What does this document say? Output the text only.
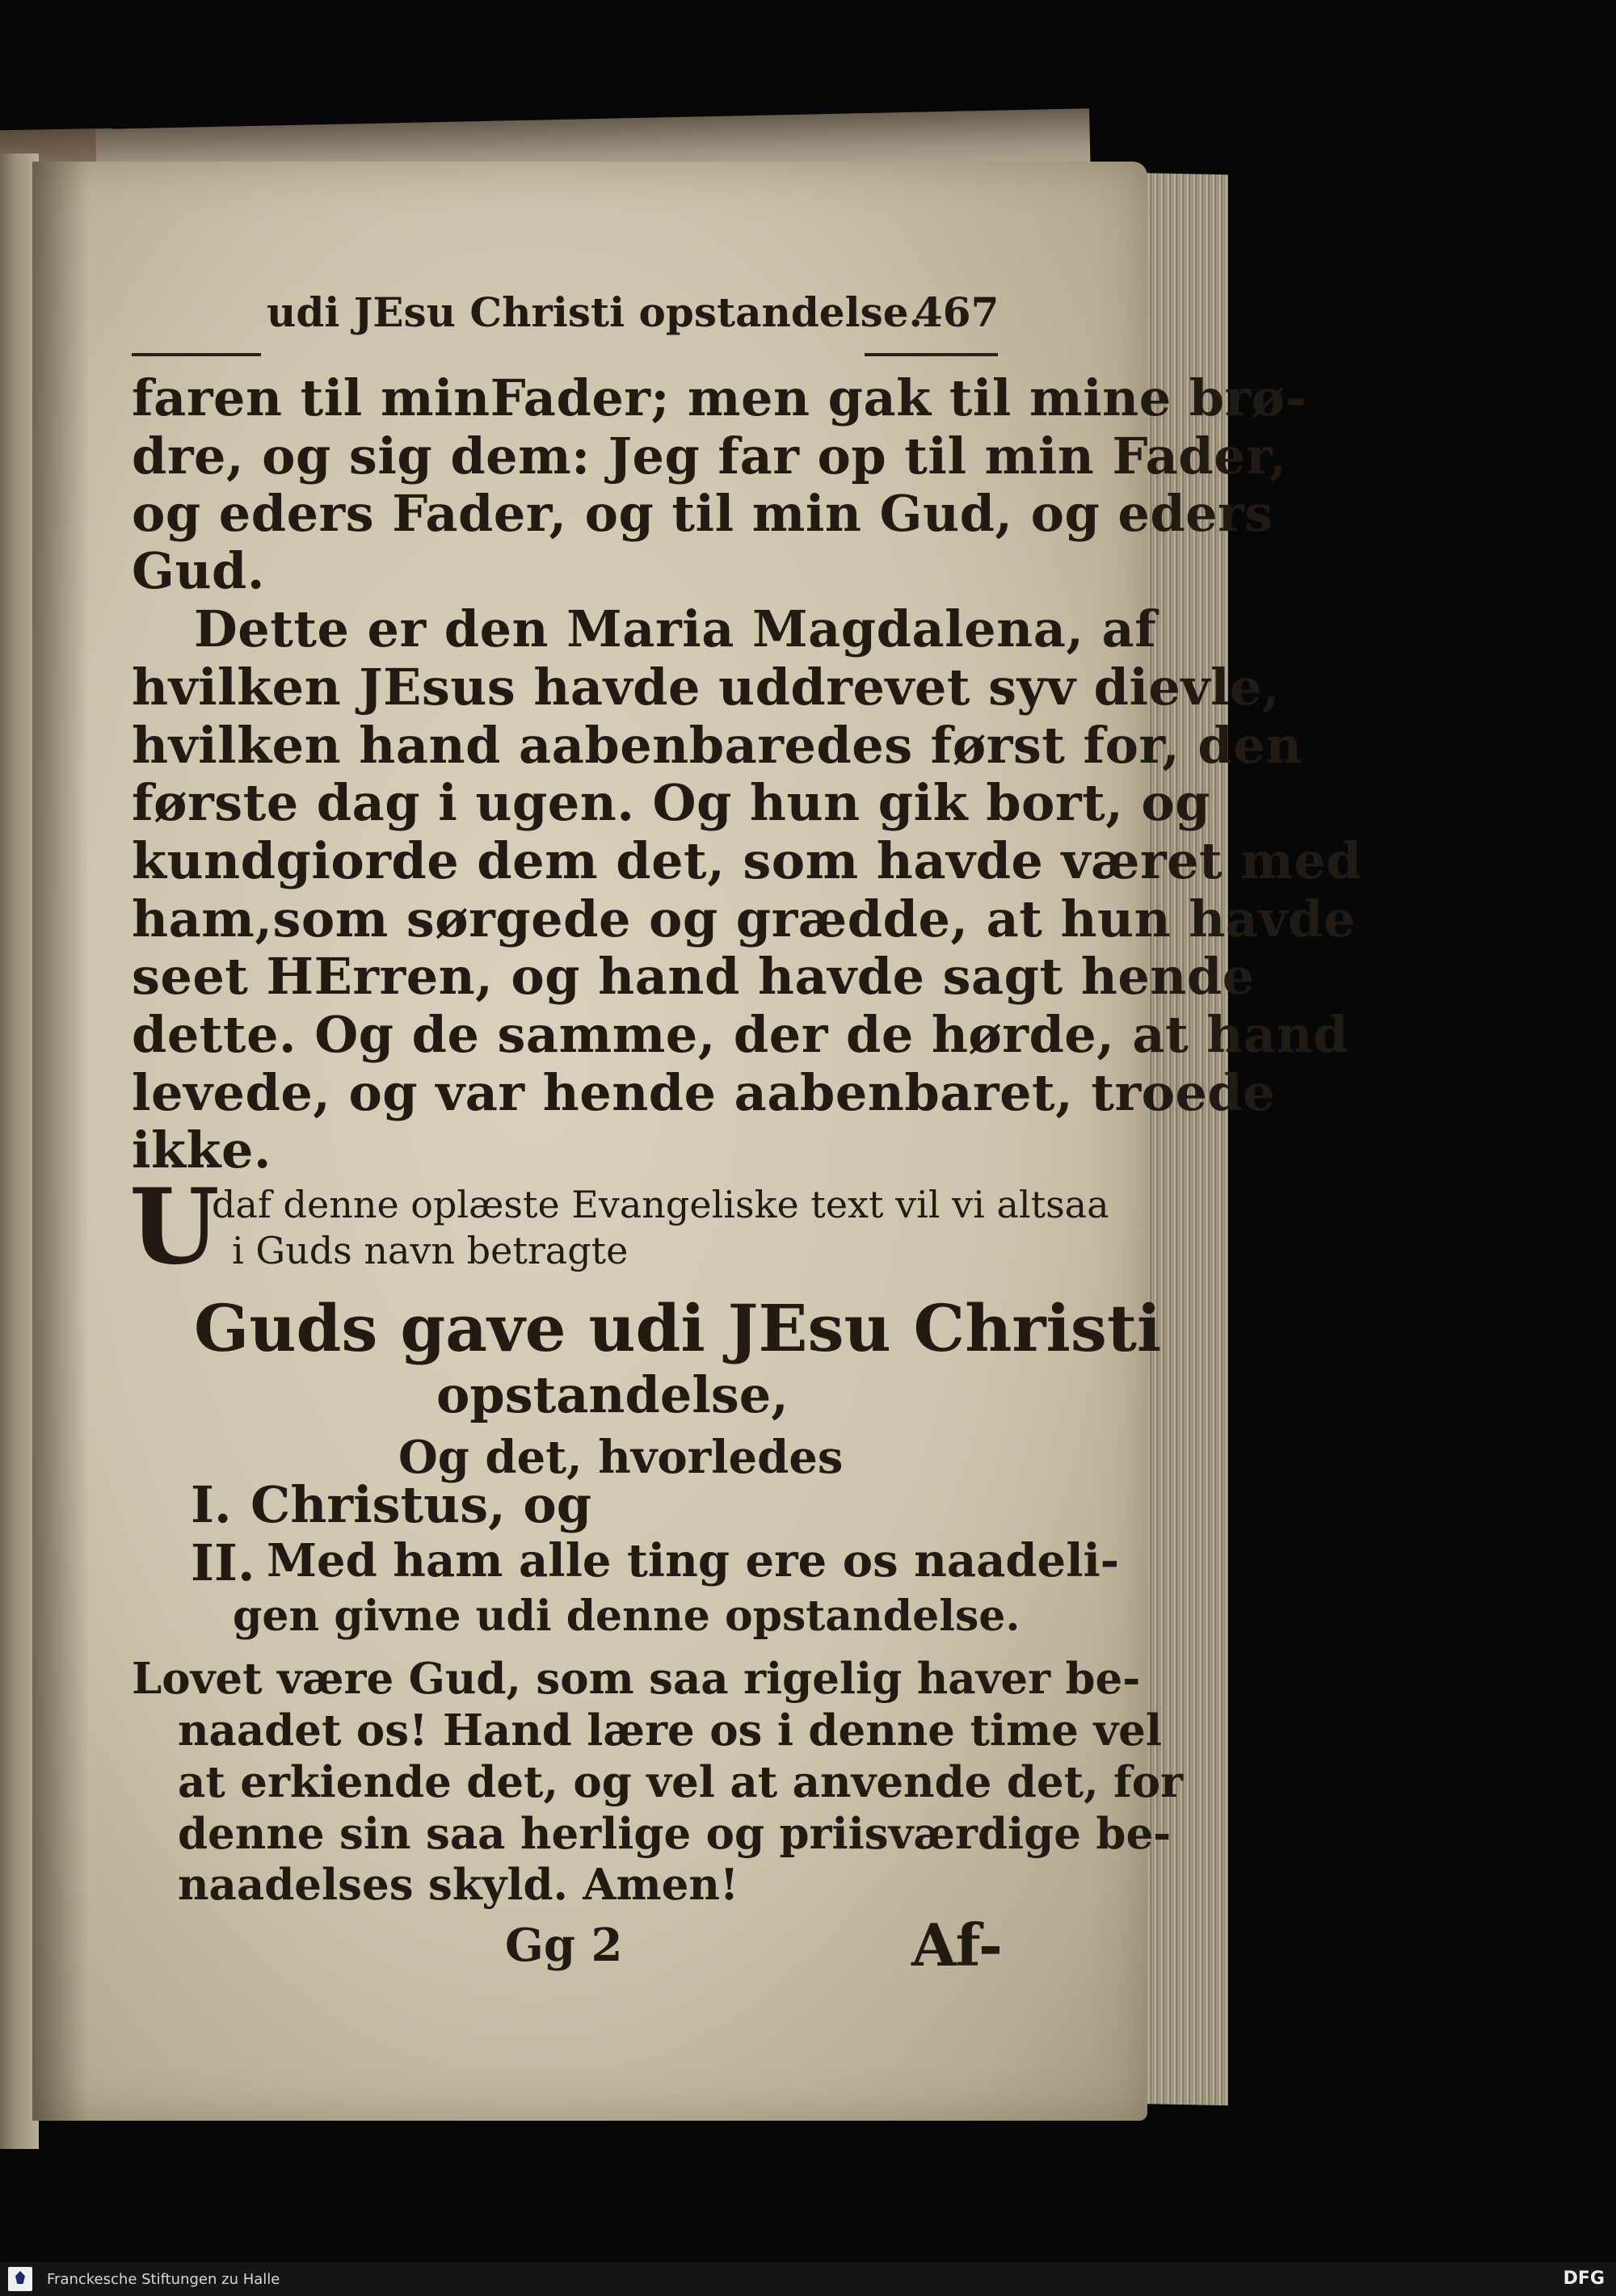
udi JEsu Christi opstandelse.
467
faren til minFader; men gak til mine brø-
dre, og sig dem: Jeg far op til min Fader,
og eders Fader, og til min Gud, og eders
Gud.
Dette er den Maria Magdalena, af
hvilken JEsus havde uddrevet syv dievle,
hvilken hand aabenbaredes først for, den
første dag i ugen. Og hun gik bort, og
kundgiorde dem det, som havde været med
ham,som sørgede og grædde, at hun havde
seet HErren, og hand havde sagt hende
dette. Og de samme, der de hørde, at hand
levede, og var hende aabenbaret, troede
ikke.
U
daf denne oplæste Evangeliske text vil vi altsaa
i Guds navn betragte
Guds gave udi JEsu Christi
opstandelse,
Og det, hvorledes
I. Christus, og
II. Med ham alle ting ere os naadeli-
gen givne udi denne opstandelse.
Lovet være Gud, som saa rigelig haver be-
naadet os! Hand lære os i denne time vel
at erkiende det, og vel at anvende det, for
denne sin saa herlige og priisværdige be-
naadelses skyld. Amen!
Gg 2	Af-
Franckesche Stiftungen zu Halle	DFG
